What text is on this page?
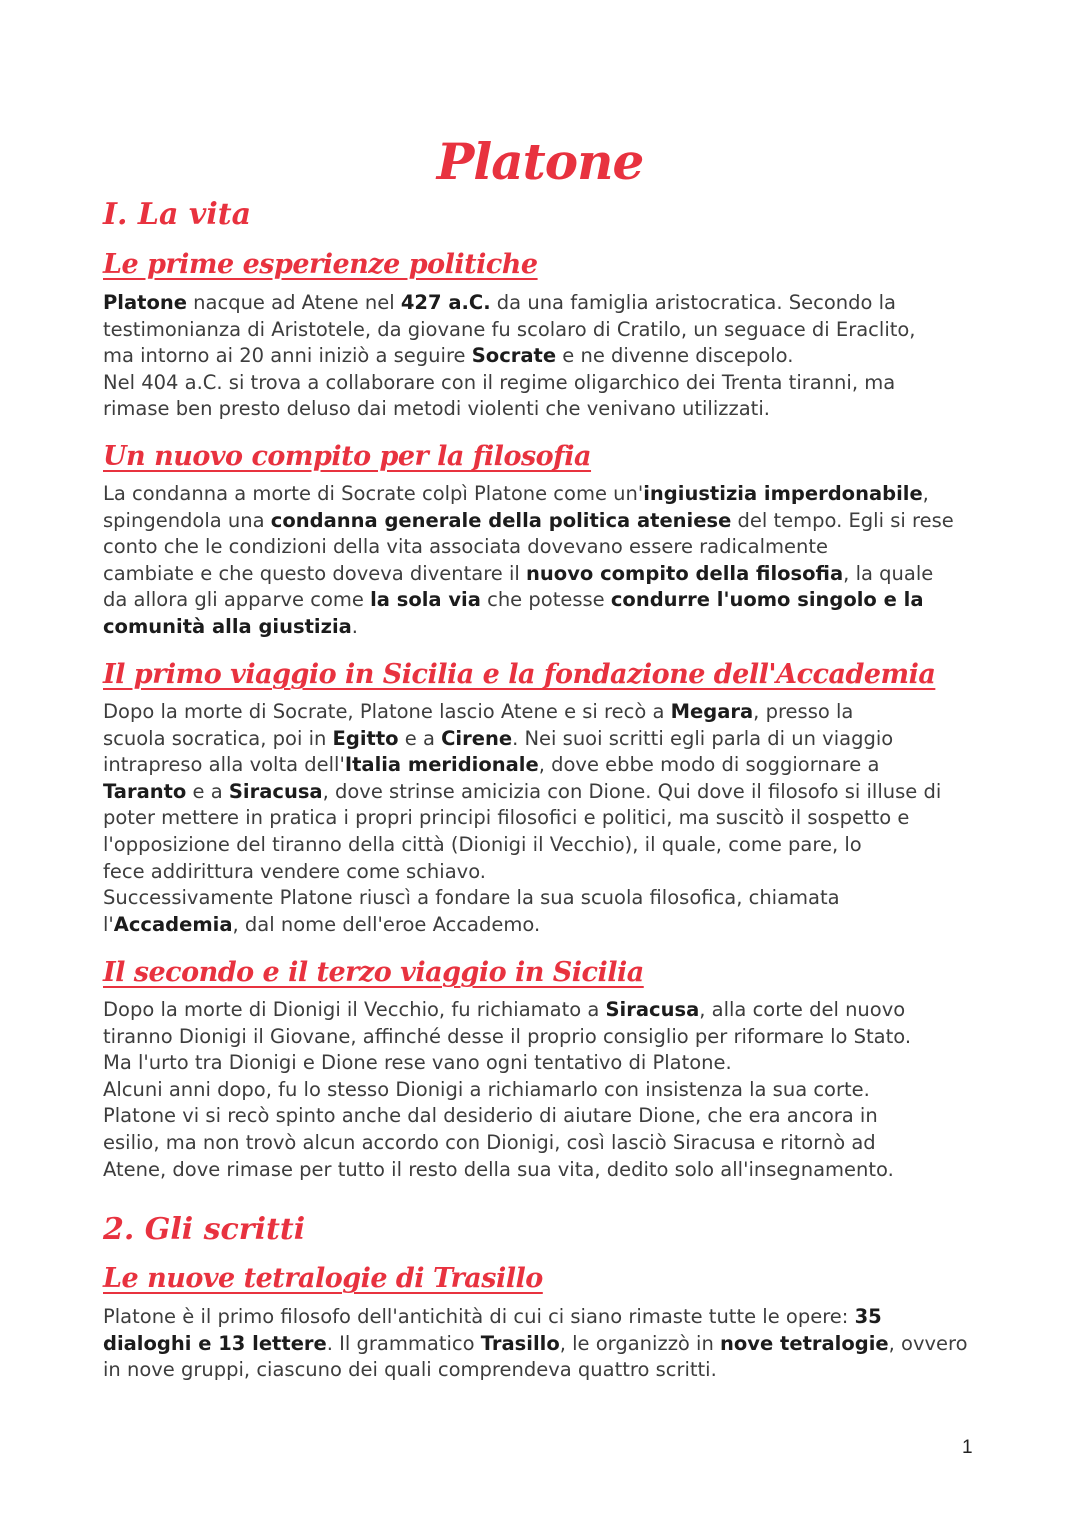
Platone
I. La vita
Le prime esperienze politiche
Platone nacque ad Atene nel 427 a.C. da una famiglia aristocratica. Secondo la
testimonianza di Aristotele, da giovane fu scolaro di Cratilo, un seguace di Eraclito,
ma intorno ai 20 anni iniziò a seguire Socrate e ne divenne discepolo.
Nel 404 a.C. si trova a collaborare con il regime oligarchico dei Trenta tiranni, ma
rimase ben presto deluso dai metodi violenti che venivano utilizzati.
Un nuovo compito per la filosofia
La condanna a morte di Socrate colpì Platone come un'ingiustizia imperdonabile,
spingendola una condanna generale della politica ateniese del tempo. Egli si rese
conto che le condizioni della vita associata dovevano essere radicalmente
cambiate e che questo doveva diventare il nuovo compito della filosofia, la quale
da allora gli apparve come la sola via che potesse condurre l'uomo singolo e la
comunità alla giustizia.
Il primo viaggio in Sicilia e la fondazione dell'Accademia
Dopo la morte di Socrate, Platone lascio Atene e si recò a Megara, presso la
scuola socratica, poi in Egitto e a Cirene. Nei suoi scritti egli parla di un viaggio
intrapreso alla volta dell'Italia meridionale, dove ebbe modo di soggiornare a
Taranto e a Siracusa, dove strinse amicizia con Dione. Qui dove il filosofo si illuse di
poter mettere in pratica i propri principi filosofici e politici, ma suscitò il sospetto e
l'opposizione del tiranno della città (Dionigi il Vecchio), il quale, come pare, lo
fece addirittura vendere come schiavo.
Successivamente Platone riuscì a fondare la sua scuola filosofica, chiamata
l'Accademia, dal nome dell'eroe Accademo.
Il secondo e il terzo viaggio in Sicilia
Dopo la morte di Dionigi il Vecchio, fu richiamato a Siracusa, alla corte del nuovo
tiranno Dionigi il Giovane, affinché desse il proprio consiglio per riformare lo Stato.
Ma l'urto tra Dionigi e Dione rese vano ogni tentativo di Platone.
Alcuni anni dopo, fu lo stesso Dionigi a richiamarlo con insistenza la sua corte.
Platone vi si recò spinto anche dal desiderio di aiutare Dione, che era ancora in
esilio, ma non trovò alcun accordo con Dionigi, così lasciò Siracusa e ritornò ad
Atene, dove rimase per tutto il resto della sua vita, dedito solo all'insegnamento.
2. Gli scritti
Le nuove tetralogie di Trasillo
Platone è il primo filosofo dell'antichità di cui ci siano rimaste tutte le opere: 35
dialoghi e 13 lettere. Il grammatico Trasillo, le organizzò in nove tetralogie, ovvero
in nove gruppi, ciascuno dei quali comprendeva quattro scritti.
1
